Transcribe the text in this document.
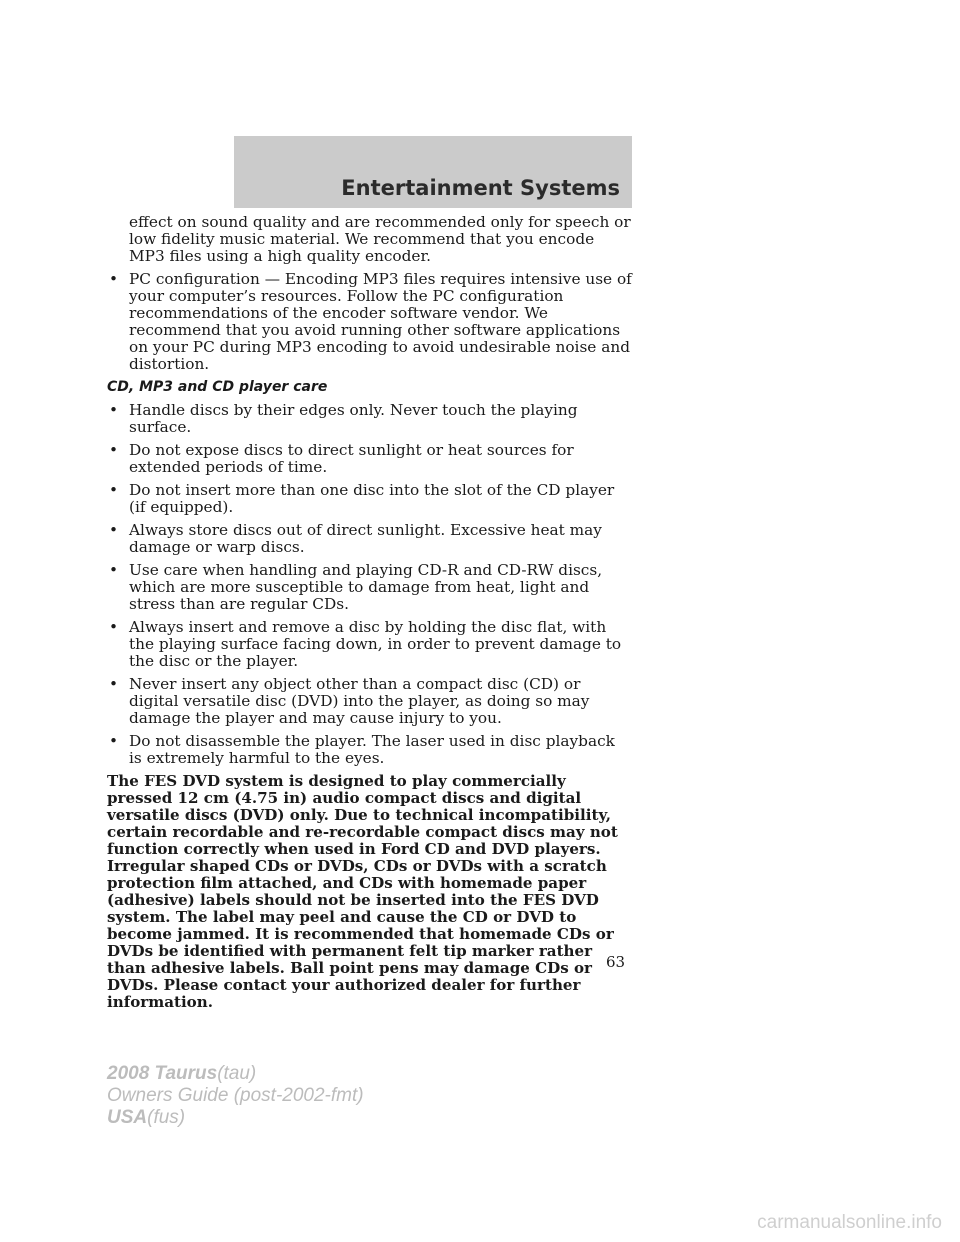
Entertainment Systems

effect on sound quality and are recommended only for speech or low fidelity music material. We recommend that you encode MP3 files using a high quality encoder.

• PC configuration — Encoding MP3 files requires intensive use of your computer’s resources. Follow the PC configuration recommendations of the encoder software vendor. We recommend that you avoid running other software applications on your PC during MP3 encoding to avoid undesirable noise and distortion.
CD, MP3 and CD player care
• Handle discs by their edges only. Never touch the playing surface.
• Do not expose discs to direct sunlight or heat sources for extended periods of time.
• Do not insert more than one disc into the slot of the CD player (if equipped).
• Always store discs out of direct sunlight. Excessive heat may damage or warp discs.
• Use care when handling and playing CD-R and CD-RW discs, which are more susceptible to damage from heat, light and stress than are regular CDs.
• Always insert and remove a disc by holding the disc flat, with the playing surface facing down, in order to prevent damage to the disc or the player.
• Never insert any object other than a compact disc (CD) or digital versatile disc (DVD) into the player, as doing so may damage the player and may cause injury to you.
• Do not disassemble the player. The laser used in disc playback is extremely harmful to the eyes.

The FES DVD system is designed to play commercially pressed 12 cm (4.75 in) audio compact discs and digital versatile discs (DVD) only. Due to technical incompatibility, certain recordable and re-recordable compact discs may not function correctly when used in Ford CD and DVD players. Irregular shaped CDs or DVDs, CDs or DVDs with a scratch protection film attached, and CDs with homemade paper (adhesive) labels should not be inserted into the FES DVD system. The label may peel and cause the CD or DVD to become jammed. It is recommended that homemade CDs or DVDs be identified with permanent felt tip marker rather than adhesive labels. Ball point pens may damage CDs or DVDs. Please contact your authorized dealer for further information.

63
2008 Taurus(tau)
Owners Guide (post-2002-fmt)
USA(fus)
carmanualsonline.info
